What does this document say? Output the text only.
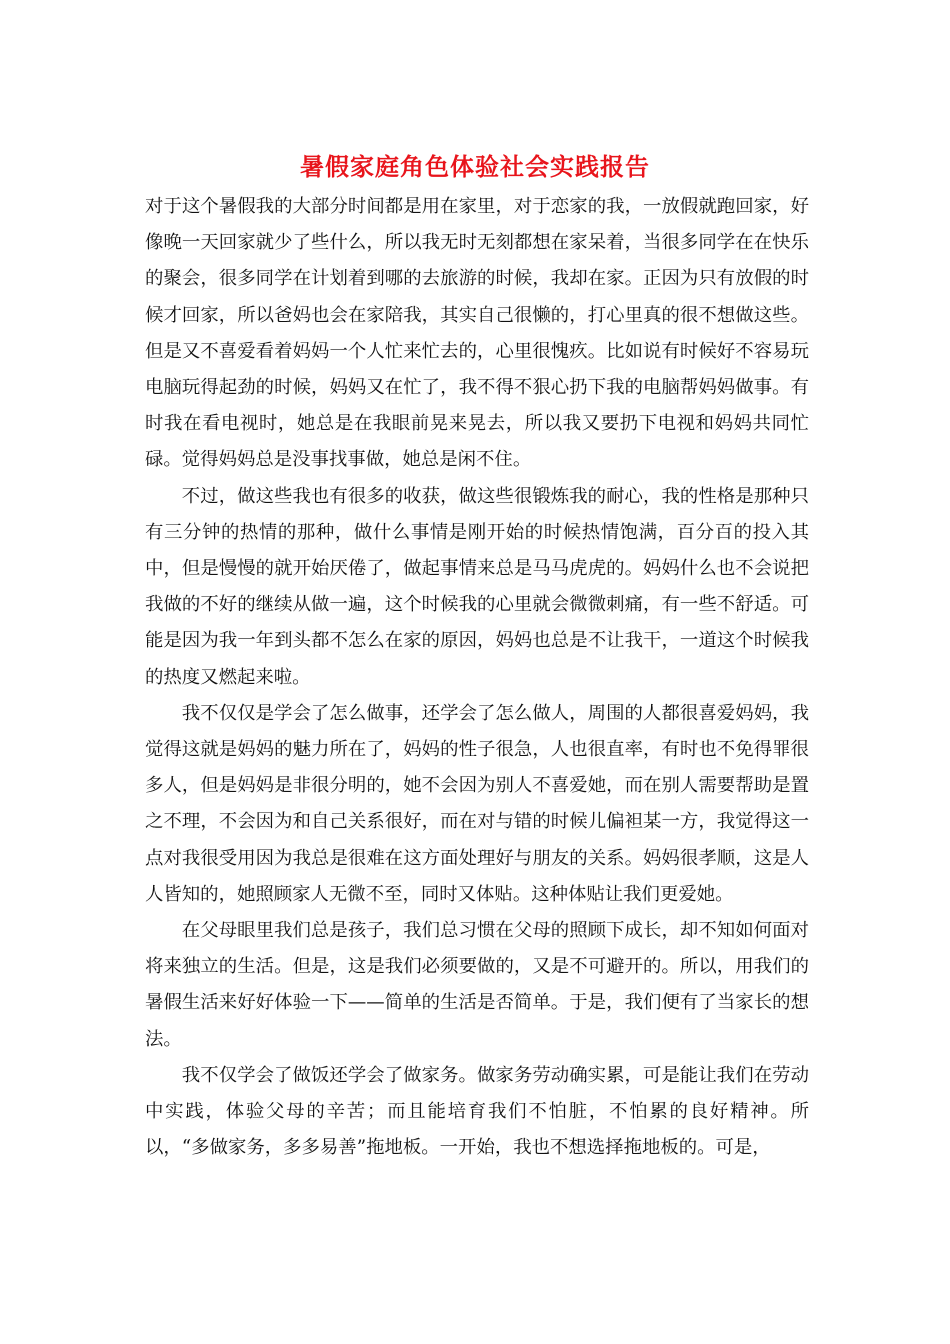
暑假家庭角色体验社会实践报告

对于这个暑假我的大部分时间都是用在家里，对于恋家的我，一放假就跑回家，好像晚一天回家就少了些什么，所以我无时无刻都想在家呆着，当很多同学在在快乐的聚会，很多同学在计划着到哪的去旅游的时候，我却在家。正因为只有放假的时候才回家，所以爸妈也会在家陪我，其实自己很懒的，打心里真的很不想做这些。但是又不喜爱看着妈妈一个人忙来忙去的，心里很愧疚。比如说有时候好不容易玩电脑玩得起劲的时候，妈妈又在忙了，我不得不狠心扔下我的电脑帮妈妈做事。有时我在看电视时，她总是在我眼前晃来晃去，所以我又要扔下电视和妈妈共同忙碌。觉得妈妈总是没事找事做，她总是闲不住。

不过，做这些我也有很多的收获，做这些很锻炼我的耐心，我的性格是那种只有三分钟的热情的那种，做什么事情是刚开始的时候热情饱满，百分百的投入其中，但是慢慢的就开始厌倦了，做起事情来总是马马虎虎的。妈妈什么也不会说把我做的不好的继续从做一遍，这个时候我的心里就会微微刺痛，有一些不舒适。可能是因为我一年到头都不怎么在家的原因，妈妈也总是不让我干，一道这个时候我的热度又燃起来啦。

我不仅仅是学会了怎么做事，还学会了怎么做人，周围的人都很喜爱妈妈，我觉得这就是妈妈的魅力所在了，妈妈的性子很急，人也很直率，有时也不免得罪很多人，但是妈妈是非很分明的，她不会因为别人不喜爱她，而在别人需要帮助是置之不理，不会因为和自己关系很好，而在对与错的时候儿偏袒某一方，我觉得这一点对我很受用因为我总是很难在这方面处理好与朋友的关系。妈妈很孝顺，这是人人皆知的，她照顾家人无微不至，同时又体贴。这种体贴让我们更爱她。

在父母眼里我们总是孩子，我们总习惯在父母的照顾下成长，却不知如何面对将来独立的生活。但是，这是我们必须要做的，又是不可避开的。所以，用我们的暑假生活来好好体验一下——简单的生活是否简单。于是，我们便有了当家长的想法。

我不仅学会了做饭还学会了做家务。做家务劳动确实累，可是能让我们在劳动中实践，体验父母的辛苦；而且能培育我们不怕脏，不怕累的良好精神。所以，“多做家务，多多易善”拖地板。一开始，我也不想选择拖地板的。可是，
